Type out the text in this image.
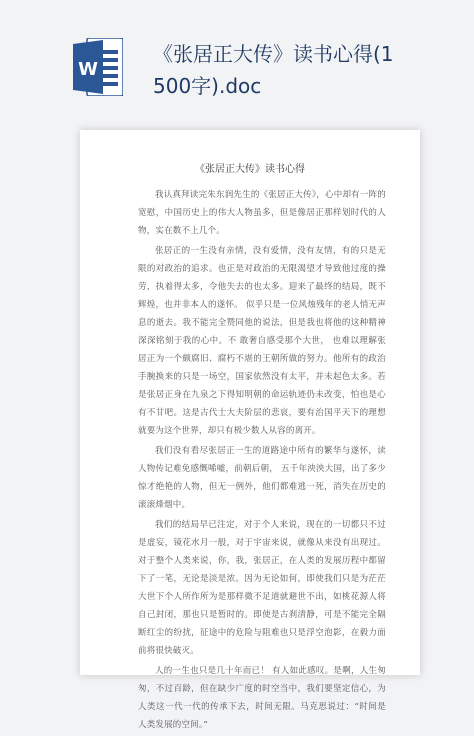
W
《张居正大传》读书心得(1
500字).doc
《张居正大传》读书心得

我认真拜读完朱东润先生的《张居正大传》，心中却有一阵的宽慰，中国历史上的伟大人物虽多，但是像居正那样划时代的人物，实在数不上几个。

张居正的一生没有亲情，没有爱情，没有友情，有的只是无限的对政治的追求。也正是对政治的无限渴望才导致他过度的操劳，执着得太多，令他失去的也太多。迎来了最终的结局，既不辉煌，也并非本人的遂怀。 似乎只是一位风烛残年的老人悄无声息的逝去。我不能完全赞同他的说法，但是我也将他的这种精神深深铭刻于我的心中。不 敢奢自感受那个大世， 也难以理解张居正为一个颇腐旧、腐朽不堪的王朝所做的努力。他所有的政治手腕换来的只是一场空，国家依然没有太平，并未起色太多。若是张居正身在九泉之下得知明朝的命运轨迹仍未改变，怕也是心有不甘吧。这是古代士大夫阶层的悲哀，要有治国平天下的理想就要为这个世界，却只有极少数人从容的离开。

我们没有看尽张居正一生的道路途中所有的繁华与遂怀，读人物传记难免感慨唏嘘，前朝后朝， 五千年泱泱大国，出了多少惊才绝艳的人物，但无一例外，他们都难逃一死，消失在历史的滚滚烽烟中。

我们的结局早已注定，对于个人来说，现在的一切都只不过是虚妄，镜花水月一般，对于宇宙来说，就像从来没有出现过。对于整个人类来说，你，我，张居正，在人类的发展历程中都留下了一笔，无论是淡是浓。因为无论如何，即使我们只是为茫茫大世下个人所作所为是那样微不足道就避世不出，如桃花源人将自己封闭，那也只是暂时的。即使是古刹清静，可是不能完全隔断红尘的纷扰，征途中的危险与阻难也只是浮空泡影，在毅力面前将很快破灭。

人的一生也只是几十年而已！ 有人如此感叹。是啊，人生匆匆，不过百龄，但在缺少广度的时空当中，我们要坚定信心，为人类这一代一代的传承下去，时间无限。马克思说过：“时间是人类发展的空间。”
